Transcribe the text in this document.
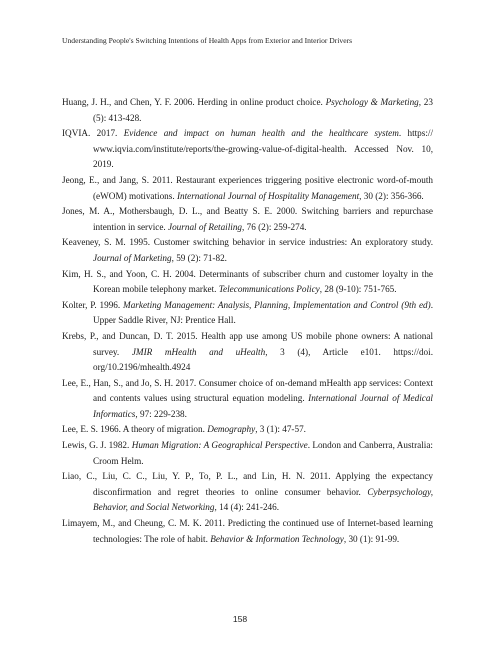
Understanding People's Switching Intentions of Health Apps from Exterior and Interior Drivers

Huang, J. H., and Chen, Y. F. 2006. Herding in online product choice. Psychology & Marketing, 23 (5): 413-428.

IQVIA. 2017. Evidence and impact on human health and the healthcare system. https:// www.iqvia.com/institute/reports/the-growing-value-of-digital-health. Accessed Nov. 10, 2019.

Jeong, E., and Jang, S. 2011. Restaurant experiences triggering positive electronic word-of-mouth (eWOM) motivations. International Journal of Hospitality Management, 30 (2): 356-366.

Jones, M. A., Mothersbaugh, D. L., and Beatty S. E. 2000. Switching barriers and repurchase intention in service. Journal of Retailing, 76 (2): 259-274.

Keaveney, S. M. 1995. Customer switching behavior in service industries: An exploratory study. Journal of Marketing, 59 (2): 71-82.

Kim, H. S., and Yoon, C. H. 2004. Determinants of subscriber churn and customer loyalty in the Korean mobile telephony market. Telecommunications Policy, 28 (9-10): 751-765.

Kolter, P. 1996. Marketing Management: Analysis, Planning, Implementation and Control (9th ed). Upper Saddle River, NJ: Prentice Hall.

Krebs, P., and Duncan, D. T. 2015. Health app use among US mobile phone owners: A national survey. JMIR mHealth and uHealth, 3 (4), Article e101. https://doi. org/10.2196/mhealth.4924

Lee, E., Han, S., and Jo, S. H. 2017. Consumer choice of on-demand mHealth app services: Context and contents values using structural equation modeling. International Journal of Medical Informatics, 97: 229-238.

Lee, E. S. 1966. A theory of migration. Demography, 3 (1): 47-57.

Lewis, G. J. 1982. Human Migration: A Geographical Perspective. London and Canberra, Australia: Croom Helm.

Liao, C., Liu, C. C., Liu, Y. P., To, P. L., and Lin, H. N. 2011. Applying the expectancy disconfirmation and regret theories to online consumer behavior. Cyberpsychology, Behavior, and Social Networking, 14 (4): 241-246.

Limayem, M., and Cheung, C. M. K. 2011. Predicting the continued use of Internet-based learning technologies: The role of habit. Behavior & Information Technology, 30 (1): 91-99.

158
